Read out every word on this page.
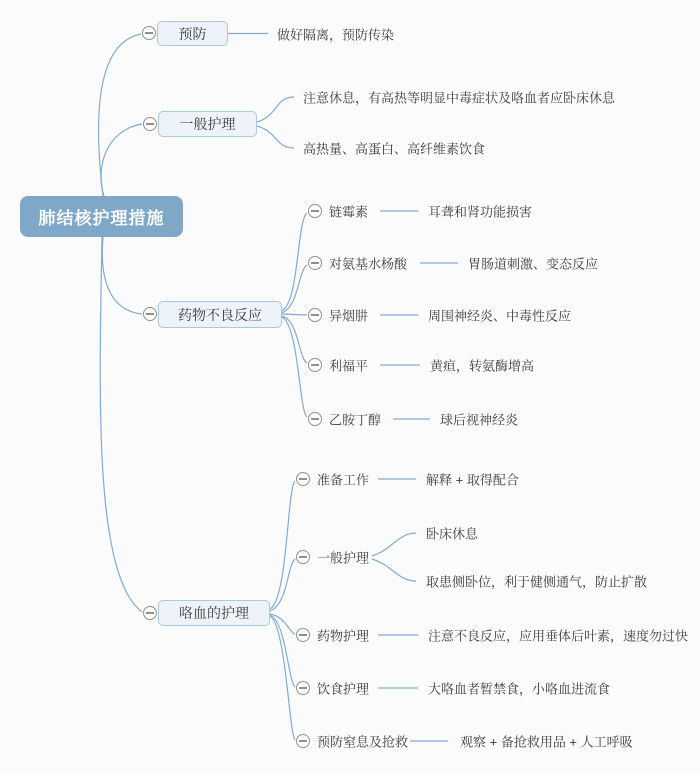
肺结核护理措施
预防	做好隔离，预防传染
一般护理
注意休息，有高热等明显中毒症状及咯血者应卧床休息
高热量、高蛋白、高纤维素饮食
药物不良反应
链霉素	耳聋和肾功能损害
对氨基水杨酸	胃肠道刺激、变态反应
异烟肼	周围神经炎、中毒性反应
利福平	黄疸，转氨酶增高
乙胺丁醇	球后视神经炎
咯血的护理
准备工作	解释 + 取得配合
一般护理
卧床休息
取患侧卧位，利于健侧通气，防止扩散
药物护理	注意不良反应，应用垂体后叶素，速度勿过快
饮食护理	大咯血者暂禁食，小咯血进流食
预防窒息及抢救	观察 + 备抢救用品 + 人工呼吸
